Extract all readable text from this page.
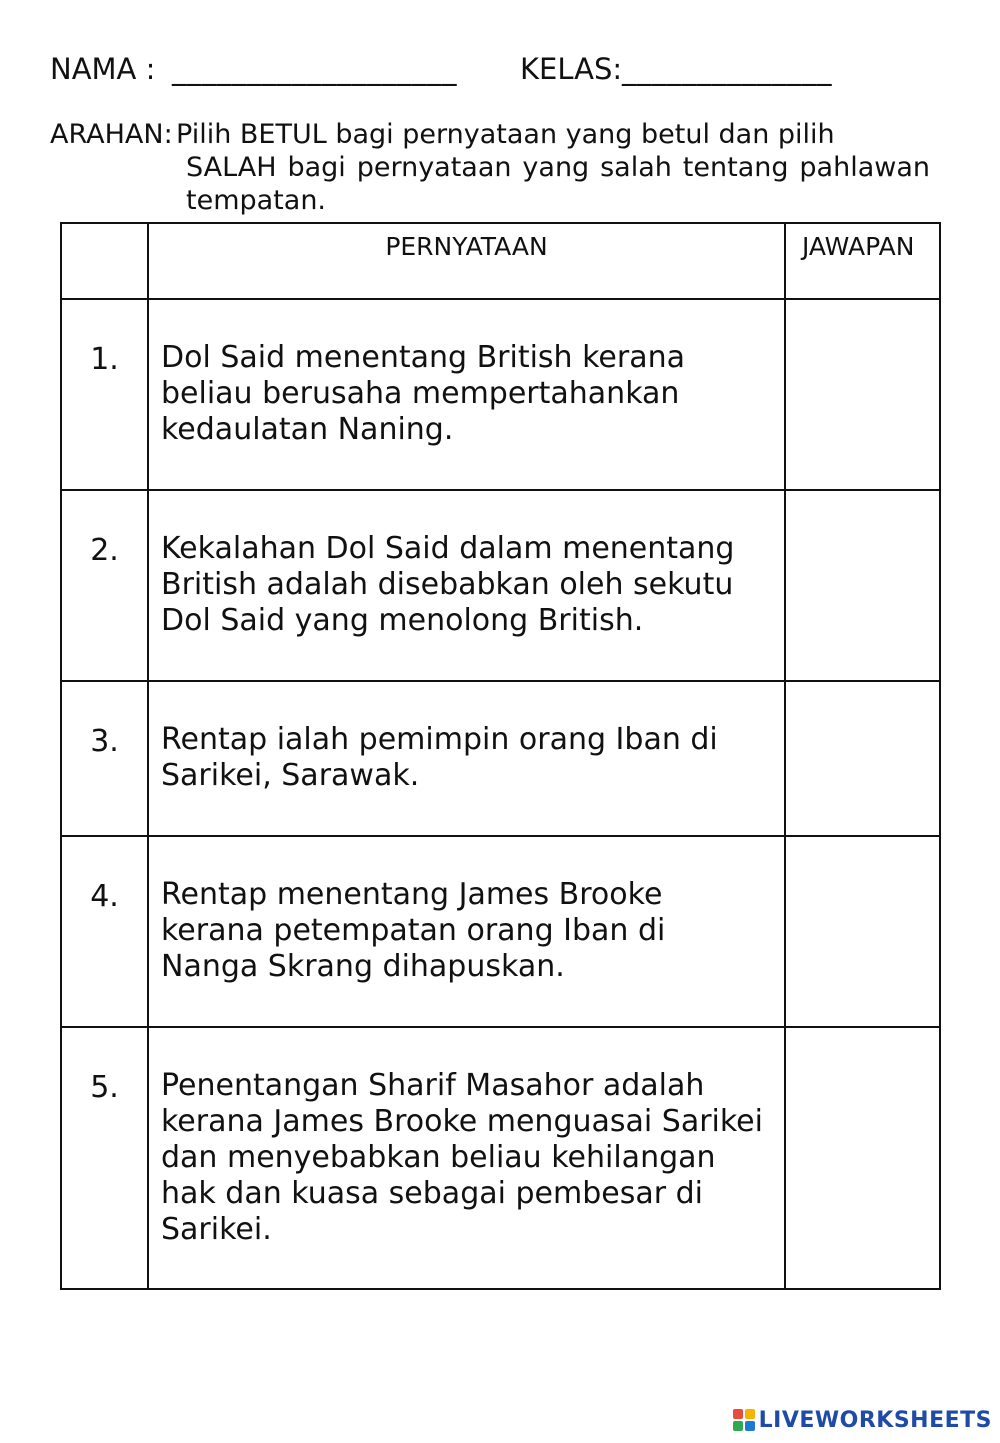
NAMA : ___________________ KELAS: ______________
ARAHAN: Pilih BETUL bagi pernyataan yang betul dan pilih
SALAH bagi pernyataan yang salah tentang pahlawan tempatan.
	PERNYATAAN	JAWAPAN

1.	Dol Said menentang British kerana beliau berusaha mempertahankan kedaulatan Naning.	

2.	Kekalahan Dol Said dalam menentang British adalah disebabkan oleh sekutu Dol Said yang menolong British.	

3.	Rentap ialah pemimpin orang Iban di Sarikei, Sarawak.	

4.	Rentap menentang James Brooke kerana petempatan orang Iban di Nanga Skrang dihapuskan.	

5.	Penentangan Sharif Masahor adalah kerana James Brooke menguasai Sarikei dan menyebabkan beliau kehilangan hak dan kuasa sebagai pembesar di Sarikei.	

LIVEWORKSHEETS
